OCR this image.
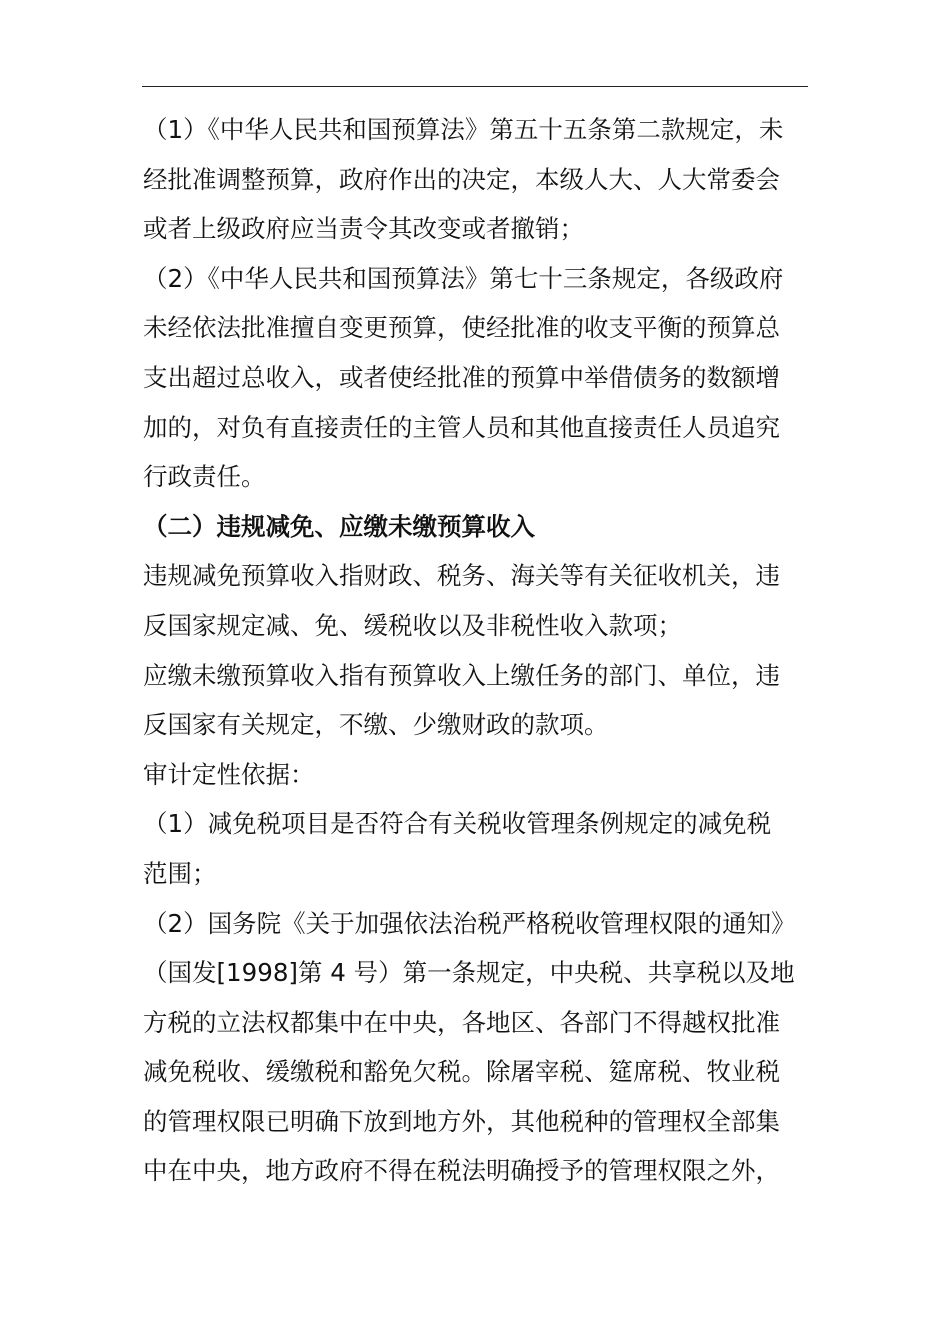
（1）《中华人民共和国预算法》第五十五条第二款规定，未
经批准调整预算，政府作出的决定，本级人大、人大常委会
或者上级政府应当责令其改变或者撤销；
（2）《中华人民共和国预算法》第七十三条规定，各级政府
未经依法批准擅自变更预算，使经批准的收支平衡的预算总
支出超过总收入，或者使经批准的预算中举借债务的数额增
加的，对负有直接责任的主管人员和其他直接责任人员追究
行政责任。
（二）违规减免、应缴未缴预算收入
违规减免预算收入指财政、税务、海关等有关征收机关，违
反国家规定减、免、缓税收以及非税性收入款项；
应缴未缴预算收入指有预算收入上缴任务的部门、单位，违
反国家有关规定，不缴、少缴财政的款项。
审计定性依据：
（1）减免税项目是否符合有关税收管理条例规定的减免税
范围；
（2）国务院《关于加强依法治税严格税收管理权限的通知》
（国发[1998]第 4 号）第一条规定，中央税、共享税以及地
方税的立法权都集中在中央，各地区、各部门不得越权批准
减免税收、缓缴税和豁免欠税。除屠宰税、筵席税、牧业税
的管理权限已明确下放到地方外，其他税种的管理权全部集
中在中央，地方政府不得在税法明确授予的管理权限之外，
